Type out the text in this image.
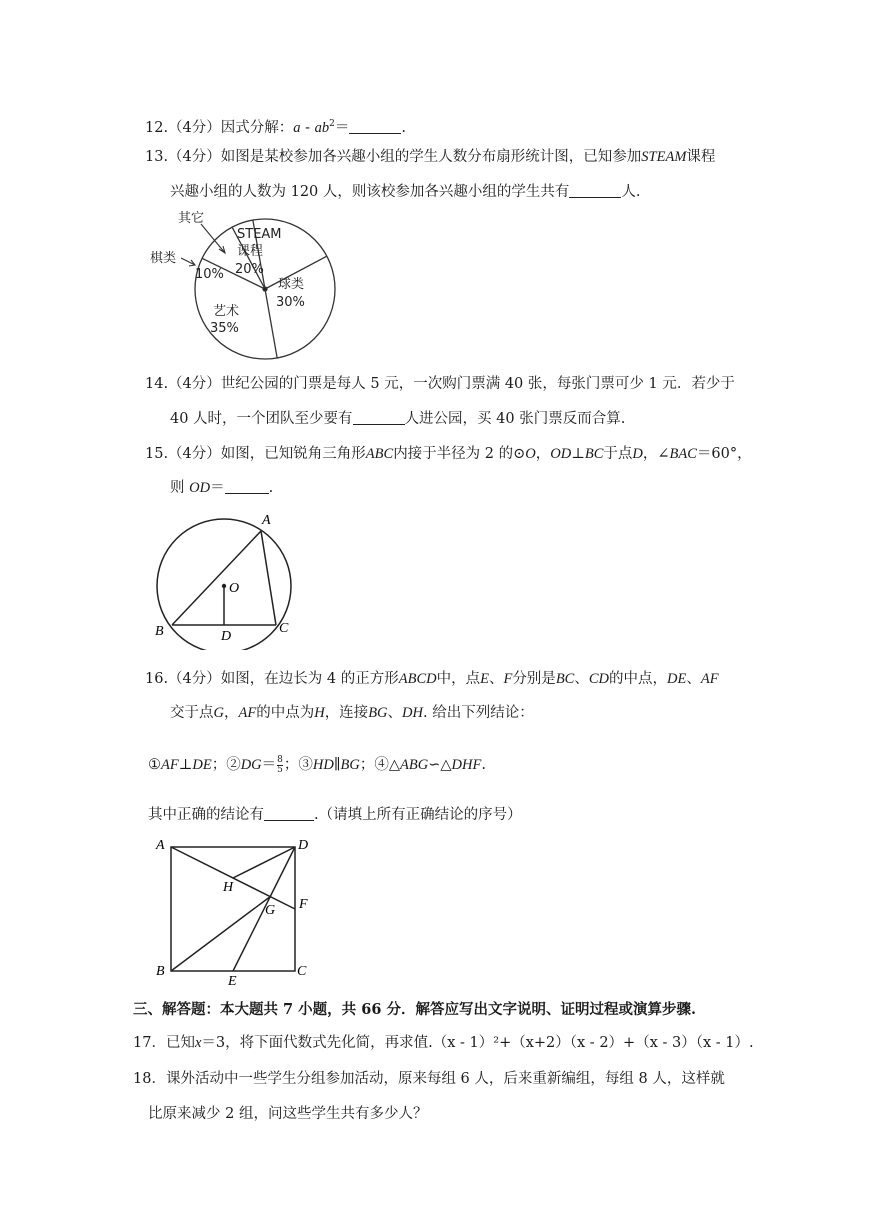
12.（4分）因式分解：$a - ab^2=$	.
13.（4分）如图是某校参加各兴趣小组的学生人数分布扇形统计图，已知参加STEAM课程
兴趣小组的人数为 120 人，则该校参加各兴趣小组的学生共有	人.
STEAM
课程
20%
球类
30%
艺术
35%
棋类
10%
其它
14.（4分）世纪公园的门票是每人 5 元，一次购门票满 40 张，每张门票可少 1 元．若少于
40 人时，一个团队至少要有	人进公园，买 40 张门票反而合算.
15.（4分）如图，已知锐角三角形ABC内接于半径为 2 的⊙O，OD⊥BC于点D，∠BAC＝60°，
则 OD＝	.
A
B	C
D
O
16.（4分）如图，在边长为 4 的正方形ABCD中，点E、F分别是BC、CD的中点，DE、AF
交于点G，AF的中点为H，连接BG、DH. 给出下列结论：
①AF⊥DE；②DG＝ $\frac{8}{5}$ ；③HD∥BG；④△ABG∽△DHF.
其中正确的结论有	.（请填上所有正确结论的序号）
A	D
B	C
E
F
G
H
三、解答题：本大题共 7 小题，共 66 分．解答应写出文字说明、证明过程或演算步骤.
17．已知x＝3，将下面代数式先化简，再求值.（x - 1）²+（x+2）（x - 2）+（x - 3）（x - 1）.
18．课外活动中一些学生分组参加活动，原来每组 6 人，后来重新编组，每组 8 人，这样就
比原来减少 2 组，问这些学生共有多少人？
